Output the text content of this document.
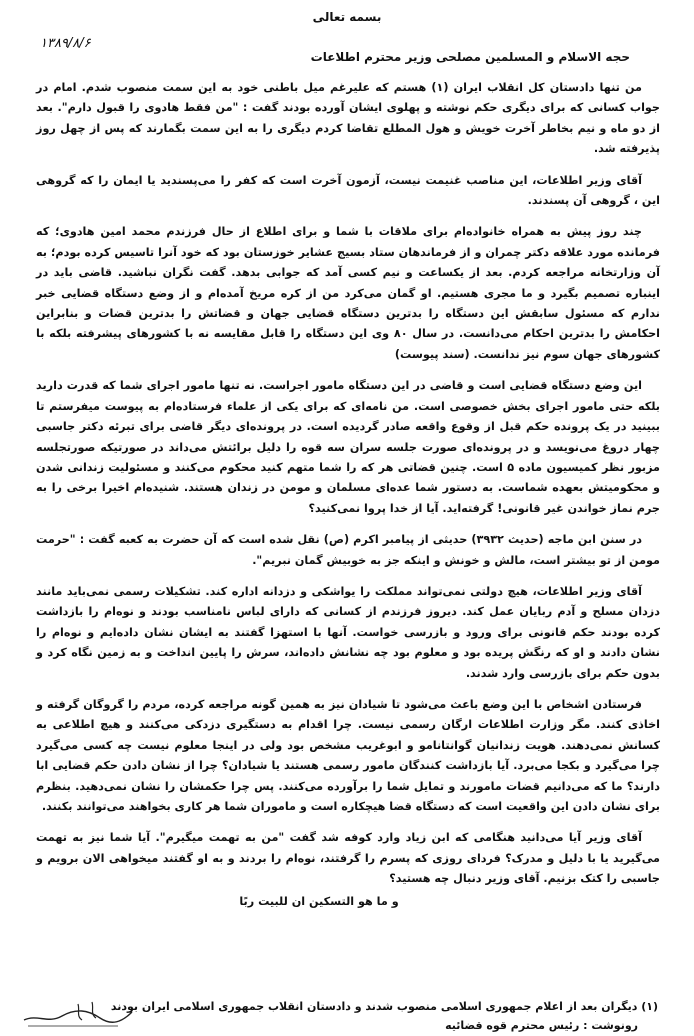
بسمه تعالی
۱۳۸۹/۸/۶
حجه الاسلام و المسلمین مصلحی وزیر محترم اطلاعات

من تنها دادستان کل انقلاب ایران (۱) هستم که علیرغم میل باطنی خود به این سمت منصوب شدم. امام در جواب کسانی که برای دیگری حکم نوشته و پهلوی ایشان آورده بودند گفت : "من فقط هادوی را قبول دارم". بعد از دو ماه و نیم بخاطر آخرت خویش و هول المطلع تقاضا کردم دیگری را به این سمت بگمارند که پس از چهل روز پذیرفته شد.

آقای وزیر اطلاعات، این مناصب غنیمت نیست، آزمون آخرت است که کفر را می‌پسندید یا ایمان را که گروهی این ، گروهی آن پسندند.

چند روز پیش به همراه خانواده‌ام برای ملاقات با شما و برای اطلاع از حال فرزندم محمد امین هادوی؛ که فرمانده مورد علاقه دکتر چمران و از فرماندهان ستاد بسیج عشایر خوزستان بود که خود آنرا تاسیس کرده بودم؛ به آن وزارتخانه مراجعه کردم. بعد از یکساعت و نیم کسی آمد که جوابی بدهد. گفت نگران نباشید. قاضی باید در اینباره تصمیم بگیرد و ما مجری هستیم. او گمان می‌کرد من از کره مریخ آمده‌ام و از وضع دستگاه قضایی خبر ندارم که مسئول سابقش این دستگاه را بدترین دستگاه قضایی جهان و قضاتش را بدترین قضات و بنابراین احکامش را بدترین احکام می‌دانست. در سال ۸۰ وی این دستگاه را قابل مقایسه نه با کشورهای پیشرفته بلکه با کشورهای جهان سوم نیز ندانست. (سند پیوست)

این وضع دستگاه قضایی است و قاضی در این دستگاه مامور اجراست. نه تنها مامور اجرای شما که قدرت دارید بلکه حتی مامور اجرای بخش خصوصی است. من نامه‌ای که برای یکی از علماء فرستاده‌ام به پیوست میفرستم تا ببینید در یک پرونده حکم قبل از وقوع واقعه صادر گردیده است. در پرونده‌ای دیگر قاضی برای تبرئه دکتر جاسبی چهار دروغ می‌نویسد و در پرونده‌ای صورت جلسه سران سه قوه را دلیل برائتش می‌داند در صورتیکه صورتجلسه مزبور نظر کمیسیون ماده ۵ است. چنین قضاتی هر که را شما متهم کنید محکوم می‌کنند و مسئولیت زندانی شدن و محکومیتش بعهده شماست. به دستور شما عده‌ای مسلمان و مومن در زندان هستند. شنیده‌ام اخیرا برخی را به جرم نماز خواندن غیر قانونی! گرفته‌اید. آیا از خدا پروا نمی‌کنید؟

در سنن ابن ماجه (حدیث ۳۹۳۲) حدیثی از پیامبر اکرم (ص) نقل شده است که آن حضرت به کعبه گفت : "حرمت مومن از تو بیشتر است، مالش و خونش و اینکه جز به خوبیش گمان نبریم".

آقای وزیر اطلاعات، هیچ دولتی نمی‌تواند مملکت را یواشکی و دزدانه اداره کند. تشکیلات رسمی نمی‌باید مانند دزدان مسلح و آدم ربایان عمل کند. دیروز فرزندم از کسانی که دارای لباس نامناسب بودند و نوه‌ام را بازداشت کرده بودند حکم قانونی برای ورود و بازرسی خواست. آنها با استهزا گفتند به ایشان نشان داده‌ایم و نوه‌ام را نشان دادند و او که رنگش پریده بود و معلوم بود چه نشانش داده‌اند، سرش را پایین انداخت و به زمین نگاه کرد و بدون حکم برای بازرسی وارد شدند.

فرستادن اشخاص با این وضع باعث می‌شود تا شیادان نیز به همین گونه مراجعه کرده، مردم را گروگان گرفته و اخاذی کنند. مگر وزارت اطلاعات ارگان رسمی نیست. چرا اقدام به دستگیری دزدکی می‌کنند و هیچ اطلاعی به کسانش نمی‌دهند. هویت زندانیان گوانتانامو و ابوغریب مشخص بود ولی در اینجا معلوم نیست چه کسی می‌گیرد چرا می‌گیرد و بکجا می‌برد. آیا بازداشت کنندگان مامور رسمی هستند یا شیادان؟ چرا از نشان دادن حکم قضایی ابا دارند؟ ما که می‌دانیم قضات مامورند و تمایل شما را برآورده می‌کنند. پس چرا حکمشان را نشان نمی‌دهید. بنظرم برای نشان دادن این واقعیت است که دستگاه قضا هیچکاره است و ماموران شما هر کاری بخواهند می‌توانند بکنند.

آقای وزیر آیا می‌دانید هنگامی که ابن زیاد وارد کوفه شد گفت "من به تهمت میگیرم". آیا شما نیز به تهمت می‌گیرید یا با دلیل و مدرک؟ فردای روزی که پسرم را گرفتند، نوه‌ام را بردند و به او گفتند میخواهی الان برویم و جاسبی را کتک بزنیم. آقای وزیر دنبال چه هستید؟

و ما هو التسکین ان للبیت ربًا

(۱) دیگران بعد از اعلام جمهوری اسلامی منصوب شدند و دادستان انقلاب جمهوری اسلامی ایران بودند
رونوشت : رئیس محترم قوه قضائیه
